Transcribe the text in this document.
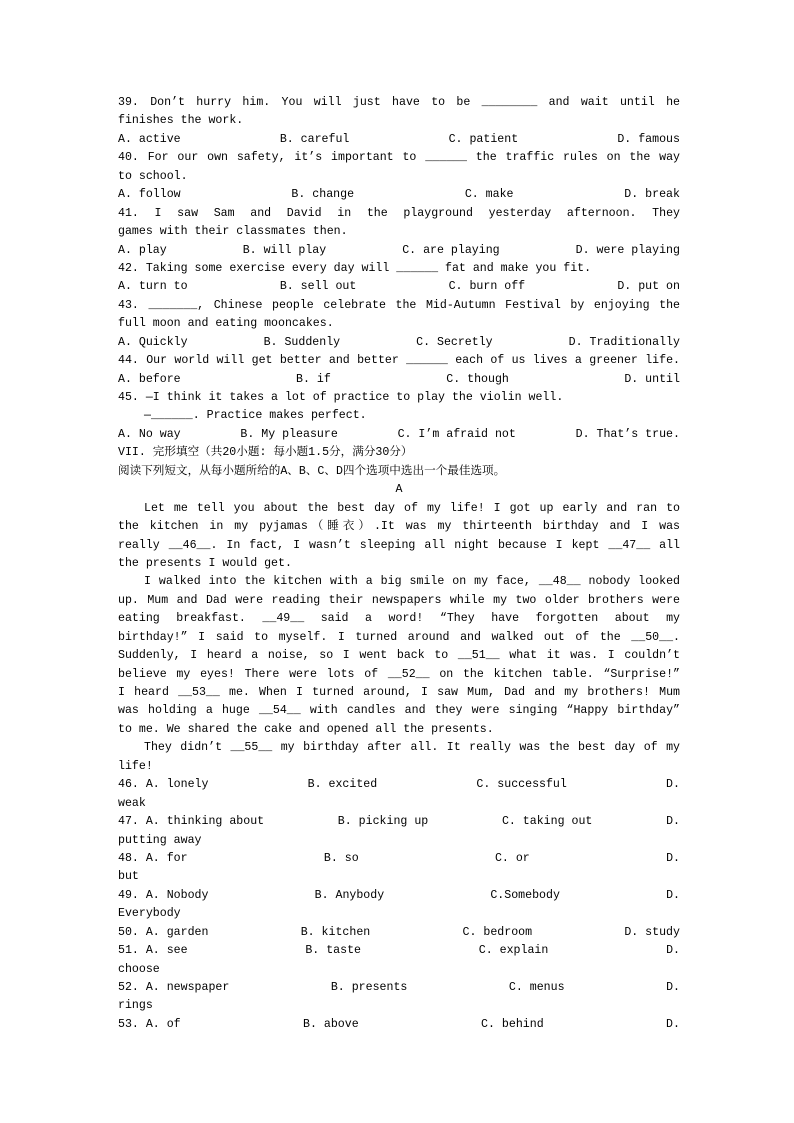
39. Don’t hurry him. You will just have to be ________ and wait until he
finishes the work.
A. active	B. careful	C. patient	D. famous
40. For our own safety, it’s important to ______ the traffic rules on the way
to school.
A. follow	B. change	C. make	D. break
41. I saw Sam and David in the playground yesterday afternoon. They
games with their classmates then.
A. play	B. will play	C. are playing	D. were playing
42. Taking some exercise every day will ______ fat and make you fit.
A. turn to	B. sell out	C. burn off	D. put on
43. _______, Chinese people celebrate the Mid-Autumn Festival by enjoying the
full moon and eating mooncakes.
A. Quickly	B. Suddenly	C. Secretly	D. Traditionally
44. Our world will get better and better ______ each of us lives a greener life.
A. before	B. if	C. though	D. until
45. —I think it takes a lot of practice to play the violin well.
—______. Practice makes perfect.
A. No way	B. My pleasure	C. I’m afraid not	D. That’s true.
VII. 完形填空（共20小题: 每小题1.5分，满分30分）
阅读下列短文，从每小题所给的A、B、C、D四个选项中选出一个最佳选项。
A
Let me tell you about the best day of my life! I got up early and ran to
the kitchen in my pyjamas（睡衣）.It was my thirteenth birthday and I was
really __46__. In fact, I wasn’t sleeping all night because I kept __47__ all
the presents I would get.
I walked into the kitchen with a big smile on my face, __48__ nobody looked
up. Mum and Dad were reading their newspapers while my two older brothers were
eating breakfast. __49__ said a word! “They have forgotten about my
birthday!” I said to myself. I turned around and walked out of the __50__.
Suddenly, I heard a noise, so I went back to __51__ what it was. I couldn’t
believe my eyes! There were lots of __52__ on the kitchen table. “Surprise!”
I heard __53__ me. When I turned around, I saw Mum, Dad and my brothers! Mum
was holding a huge __54__ with candles and they were singing “Happy birthday”
to me. We shared the cake and opened all the presents.
They didn’t __55__ my birthday after all. It really was the best day of my
life!
46. A. lonely	B. excited	C. successful	D.
weak
47. A. thinking about	B. picking up	C. taking out	D.
putting away
48. A. for	B. so	C. or	D.
but
49. A. Nobody	B. Anybody	C.Somebody	D.
Everybody
50. A. garden	B. kitchen	C. bedroom	D. study
51. A. see	B. taste	C. explain	D.
choose
52. A. newspaper	B. presents	C. menus	D.
rings
53. A. of	B. above	C. behind	D.
